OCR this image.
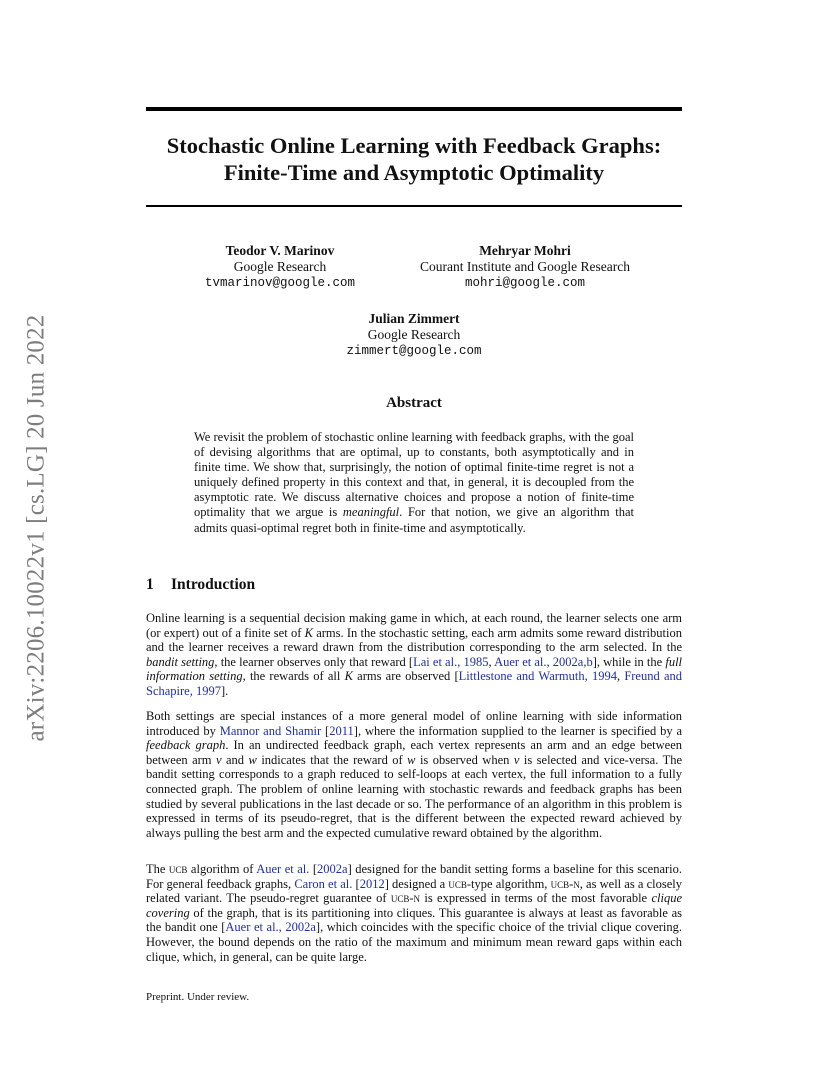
arXiv:2206.10022v1 [cs.LG] 20 Jun 2022
Stochastic Online Learning with Feedback Graphs:
Finite-Time and Asymptotic Optimality
Teodor V. Marinov
Google Research
tvmarinov@google.com
Mehryar Mohri
Courant Institute and Google Research
mohri@google.com
Julian Zimmert
Google Research
zimmert@google.com
Abstract
We revisit the problem of stochastic online learning with feedback graphs, with the goal of devising algorithms that are optimal, up to constants, both asymptotically and in finite time. We show that, surprisingly, the notion of optimal finite-time regret is not a uniquely defined property in this context and that, in general, it is decoupled from the asymptotic rate. We discuss alternative choices and propose a notion of finite-time optimality that we argue is meaningful. For that notion, we give an algorithm that admits quasi-optimal regret both in finite-time and asymptotically.
1 Introduction
Online learning is a sequential decision making game in which, at each round, the learner selects one arm (or expert) out of a finite set of K arms. In the stochastic setting, each arm admits some reward distribution and the learner receives a reward drawn from the distribution corresponding to the arm selected. In the bandit setting, the learner observes only that reward [Lai et al., 1985, Auer et al., 2002a,b], while in the full information setting, the rewards of all K arms are observed [Littlestone and Warmuth, 1994, Freund and Schapire, 1997].
Both settings are special instances of a more general model of online learning with side information introduced by Mannor and Shamir [2011], where the information supplied to the learner is specified by a feedback graph. In an undirected feedback graph, each vertex represents an arm and an edge between between arm v and w indicates that the reward of w is observed when v is selected and vice-versa. The bandit setting corresponds to a graph reduced to self-loops at each vertex, the full information to a fully connected graph. The problem of online learning with stochastic rewards and feedback graphs has been studied by several publications in the last decade or so. The performance of an algorithm in this problem is expressed in terms of its pseudo-regret, that is the different between the expected reward achieved by always pulling the best arm and the expected cumulative reward obtained by the algorithm.
The ucb algorithm of Auer et al. [2002a] designed for the bandit setting forms a baseline for this scenario. For general feedback graphs, Caron et al. [2012] designed a ucb-type algorithm, ucb-n, as well as a closely related variant. The pseudo-regret guarantee of ucb-n is expressed in terms of the most favorable clique covering of the graph, that is its partitioning into cliques. This guarantee is always at least as favorable as the bandit one [Auer et al., 2002a], which coincides with the specific choice of the trivial clique covering. However, the bound depends on the ratio of the maximum and minimum mean reward gaps within each clique, which, in general, can be quite large.
Preprint. Under review.
